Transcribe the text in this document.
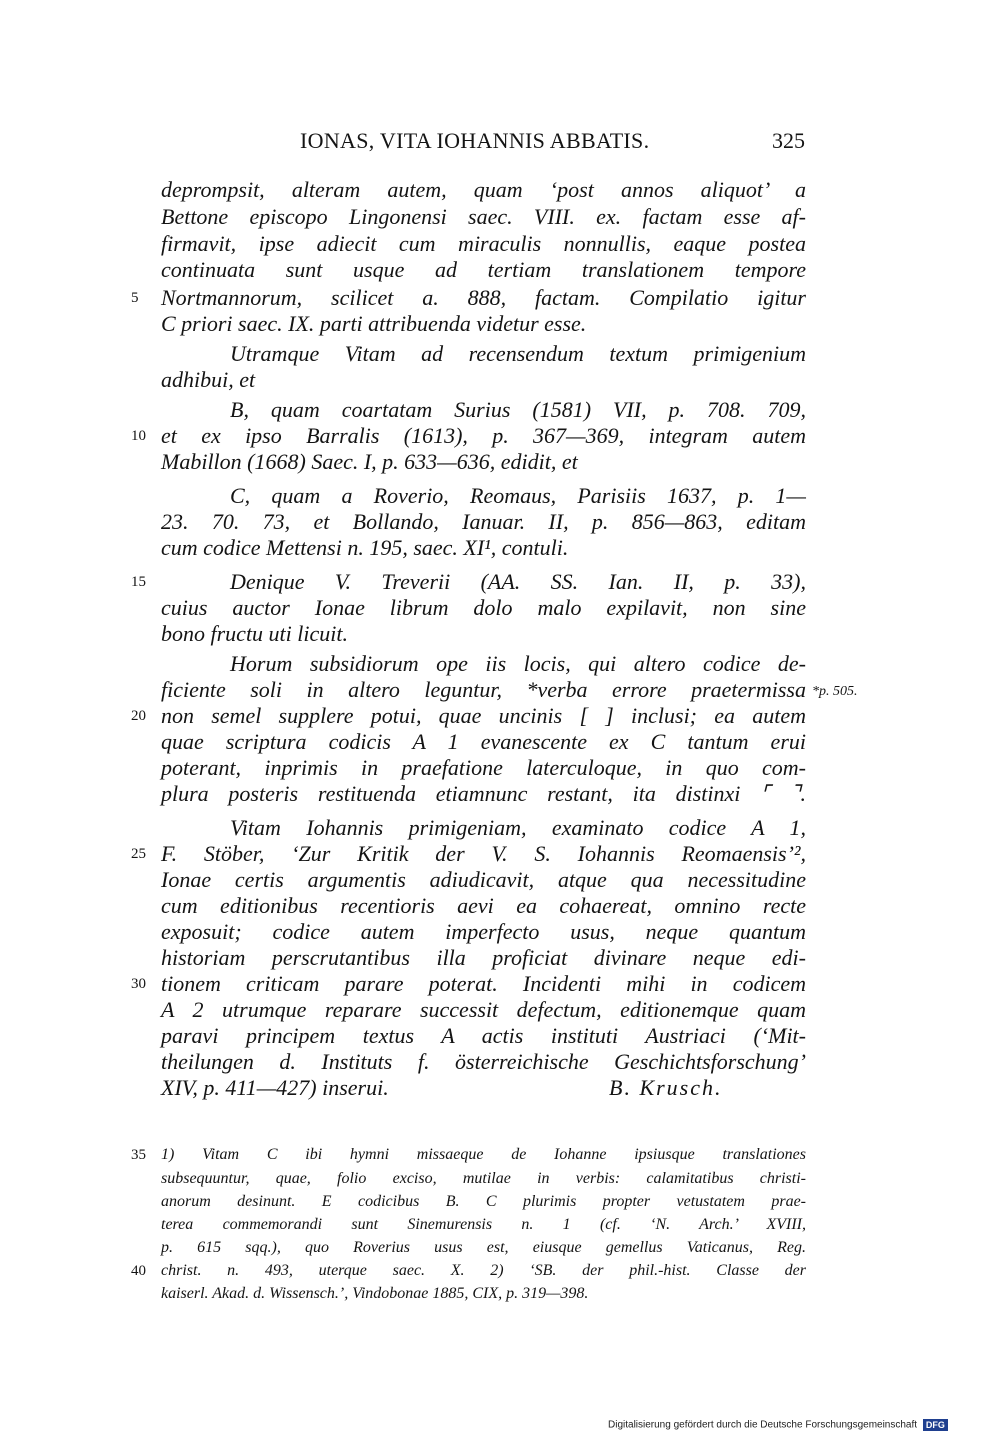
IONAS, VITA IOHANNIS ABBATIS.	325
deprompsit, alteram autem, quam ‘post annos aliquot’ a
Bettone episcopo Lingonensi saec. VIII. ex. factam esse af-
firmavit, ipse adiecit cum miraculis nonnullis, eaque postea
continuata sunt usque ad tertiam translationem tempore
Nortmannorum, scilicet a. 888, factam. Compilatio igitur
5
C priori saec. IX. parti attribuenda videtur esse.
Utramque Vitam ad recensendum textum primigenium
adhibui, et
B, quam coartatam Surius (1581) VII, p. 708. 709,
et ex ipso Barralis (1613), p. 367—369, integram autem
10
Mabillon (1668) Saec. I, p. 633—636, edidit, et
C, quam a Roverio, Reomaus, Parisiis 1637, p. 1—
23. 70. 73, et Bollando, Ianuar. II, p. 856—863, editam
cum codice Mettensi n. 195, saec. XI¹, contuli.
Denique V. Treverii (AA. SS. Ian. II, p. 33),
15
cuius auctor Ionae librum dolo malo expilavit, non sine
bono fructu uti licuit.
Horum subsidiorum ope iis locis, qui altero codice de-
ficiente soli in altero leguntur, *verba errore praetermissa
non semel supplere potui, quae uncinis [ ] inclusi; ea autem
20
quae scriptura codicis A 1 evanescente ex C tantum erui
poterant, inprimis in praefatione laterculoque, in quo com-
plura posteris restituenda etiamnunc restant, ita distinxi ⌜ ⌝.
Vitam Iohannis primigeniam, examinato codice A 1,
F. Stöber, ‘Zur Kritik der V. S. Iohannis Reomaensis’²,
25
Ionae certis argumentis adiudicavit, atque qua necessitudine
cum editionibus recentioris aevi ea cohaereat, omnino recte
exposuit; codice autem imperfecto usus, neque quantum
historiam perscrutantibus illa proficiat divinare neque edi-
tionem criticam parare poterat. Incidenti mihi in codicem
30
A 2 utrumque reparare successit defectum, editionemque quam
paravi principem textus A actis instituti Austriaci (‘Mit-
theilungen d. Instituts f. österreichische Geschichtsforschung’
XIV, p. 411—427) inserui.
*p. 505.
B. Krusch.
1) Vitam C ibi hymni missaeque de Iohanne ipsiusque translationes
35
subsequuntur, quae, folio exciso, mutilae in verbis: calamitatibus christi-
anorum desinunt. E codicibus B. C plurimis propter vetustatem prae-
terea commemorandi sunt Sinemurensis n. 1 (cf. ‘N. Arch.’ XVIII,
p. 615 sqq.), quo Roverius usus est, eiusque gemellus Vaticanus, Reg.
christ. n. 493, uterque saec. X. 2) ‘SB. der phil.-hist. Classe der
40
kaiserl. Akad. d. Wissensch.’, Vindobonae 1885, CIX, p. 319—398.
Digitalisierung gefördert durch die Deutsche Forschungsgemeinschaft DFG
